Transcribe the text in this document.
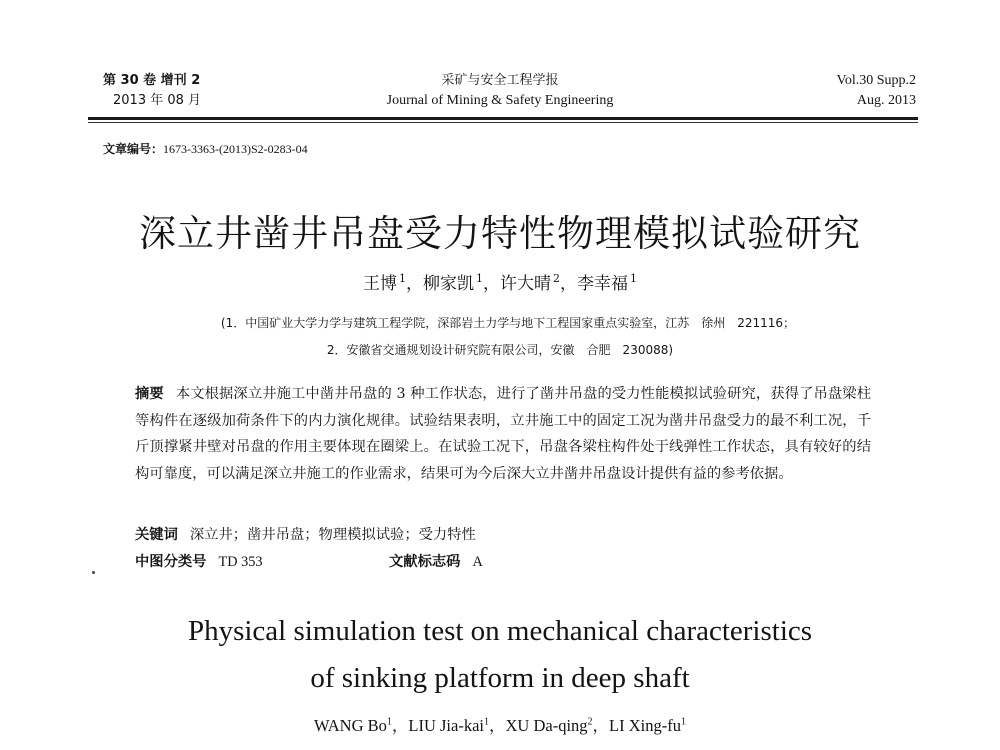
第 30 卷 增刊 2
2013 年 08 月
采矿与安全工程学报
Journal of Mining & Safety Engineering
Vol.30 Supp.2
Aug. 2013
文章编号：1673-3363-(2013)S2-0283-04
深立井凿井吊盘受力特性物理模拟试验研究
王博 $^1$，柳家凯 $^1$，许大晴 $^2$，李幸福 $^1$
(1．中国矿业大学力学与建筑工程学院，深部岩土力学与地下工程国家重点实验室，江苏　徐州　221116；
2．安徽省交通规划设计研究院有限公司，安徽　合肥　230088)
摘要 本文根据深立井施工中凿井吊盘的 3 种工作状态，进行了凿井吊盘的受力性能模拟试验研究，获得了吊盘梁柱等构件在逐级加荷条件下的内力演化规律。试验结果表明，立井施工中的固定工况为凿井吊盘受力的最不利工况，千斤顶撑紧井壁对吊盘的作用主要体现在圈梁上。在试验工况下，吊盘各梁柱构件处于线弹性工作状态，具有较好的结构可靠度，可以满足深立井施工的作业需求，结果可为今后深大立井凿井吊盘设计提供有益的参考依据。
关键词 深立井；凿井吊盘；物理模拟试验；受力特性
中图分类号 TD 353	文献标志码 A
Physical simulation test on mechanical characteristics
of sinking platform in deep shaft
WANG Bo$^1$，LIU Jia-kai$^1$，XU Da-qing$^2$，LI Xing-$fu^1$
